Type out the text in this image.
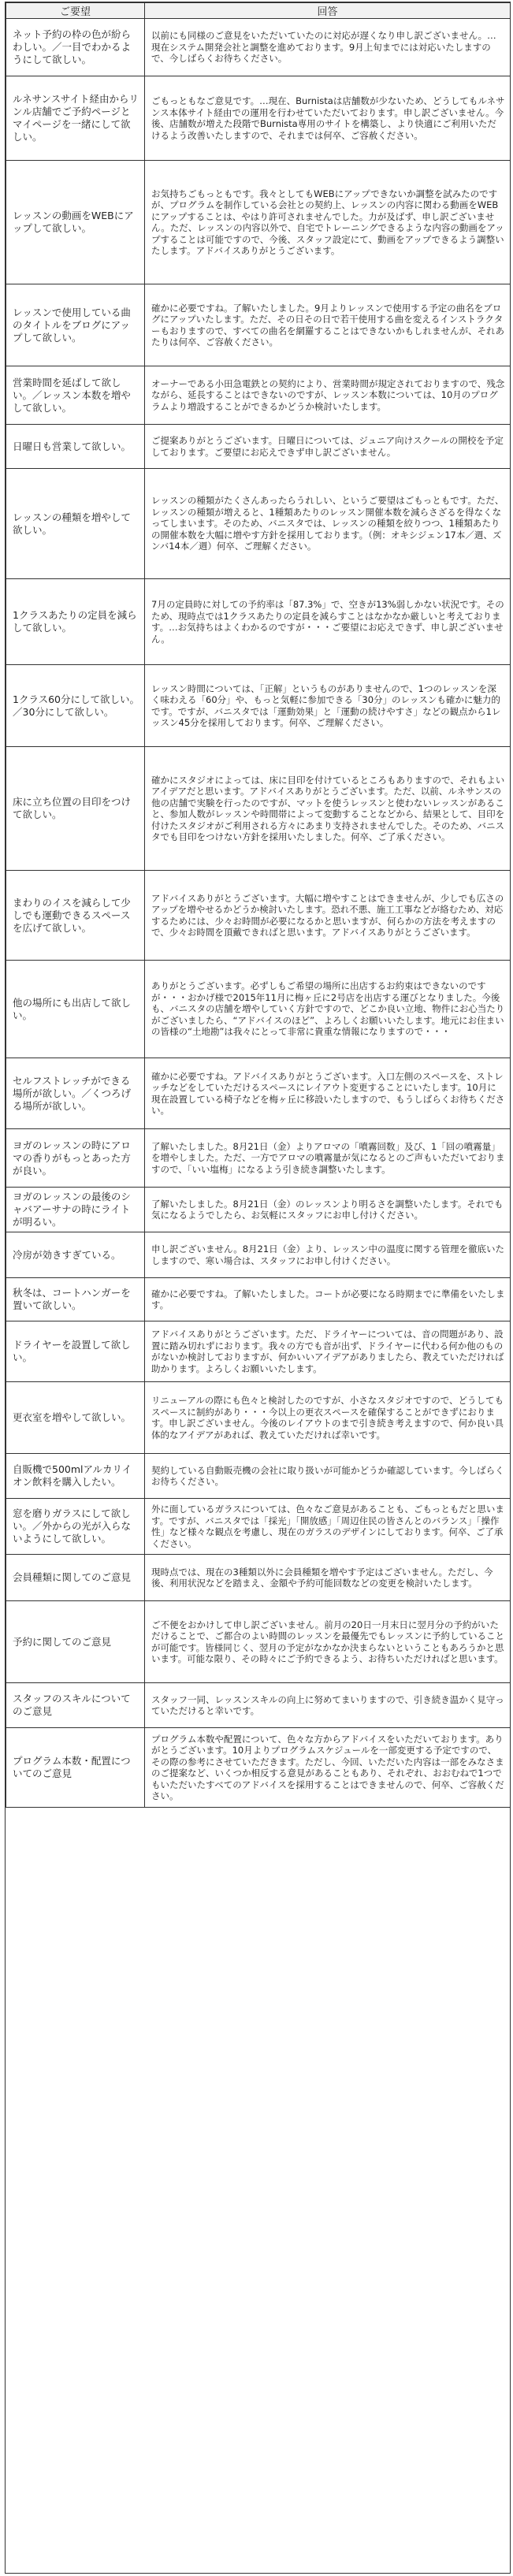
ご要望	回答
ネット予約の枠の色が紛らわしい。／一目でわかるようにして欲しい。	以前にも同様のご意見をいただいていたのに対応が遅くなり申し訳ございません。…現在システム開発会社と調整を進めております。9月上旬までには対応いたしますので、今しばらくお待ちください。
ルネサンスサイト経由からリンル店舗でご予約ページとマイページを一緒にして欲しい。	ごもっともなご意見です。…現在、Burnistaは店舗数が少ないため、どうしてもルネサンス本体サイト経由での運用を行わせていただいております。申し訳ございません。今後、店舗数が増えた段階でBurnista専用のサイトを構築し、より快適にご利用いただけるよう改善いたしますので、それまでは何卒、ご容赦ください。
レッスンの動画をWEBにアップして欲しい。	お気持ちごもっともです。我々としてもWEBにアップできないか調整を試みたのですが、プログラムを制作している会社との契約上、レッスンの内容に関わる動画をWEBにアップすることは、やはり許可されませんでした。力が及ばず、申し訳ございません。ただ、レッスンの内容以外で、自宅でトレーニングできるような内容の動画をアップすることは可能ですので、今後、スタッフ設定にて、動画をアップできるよう調整いたします。アドバイスありがとうございます。
レッスンで使用している曲のタイトルをブログにアップして欲しい。	確かに必要ですね。了解いたしました。9月よりレッスンで使用する予定の曲名をブログにアップいたします。ただ、その日その日で若干使用する曲を変えるインストラクターもおりますので、すべての曲名を網羅することはできないかもしれませんが、それあたりは何卒、ご容赦ください。
営業時間を延ばして欲しい。／レッスン本数を増やして欲しい。	オーナーである小田急電鉄との契約により、営業時間が規定されておりますので、残念ながら、延長することはできないのですが、レッスン本数については、10月のプログラムより増設することができるかどうか検討いたします。
日曜日も営業して欲しい。	ご提案ありがとうございます。日曜日については、ジュニア向けスクールの開校を予定しております。ご要望にお応えできず申し訳ございません。
レッスンの種類を増やして欲しい。	レッスンの種類がたくさんあったらうれしい、というご要望はごもっともです。ただ、レッスンの種類が増えると、1種類あたりのレッスン開催本数を減らさざるを得なくなってしまいます。そのため、バニスタでは、レッスンの種類を絞りつつ、1種類あたりの開催本数を大幅に増やす方針を採用しております。（例：オキシジェン17本／週、ズンバ14本／週）何卒、ご理解ください。
1クラスあたりの定員を減らして欲しい。	7月の定員時に対しての予約率は「87.3%」で、空きが13%弱しかない状況です。そのため、現時点では1クラスあたりの定員を減らすことはなかなか厳しいと考えております。…お気持ちはよくわかるのですが・・・ご要望にお応えできず、申し訳ございません。
1クラス60分にして欲しい。／30分にして欲しい。	レッスン時間については、「正解」というものがありませんので、1つのレッスンを深く味わえる「60分」や、もっと気軽に参加できる「30分」のレッスンも確かに魅力的です。ですが、バニスタでは「運動効果」と「運動の続けやすさ」などの観点から1レッスン45分を採用しております。何卒、ご理解ください。
床に立ち位置の目印をつけて欲しい。	確かにスタジオによっては、床に目印を付けているところもありますので、それもよいアイデアだと思います。アドバイスありがとうございます。ただ、以前、ルネサンスの他の店舗で実験を行ったのですが、マットを使うレッスンと使わないレッスンがあること、参加人数がレッスンや時間帯によって変動することなどから、結果として、目印を付けたスタジオがご利用される方々にあまり支持されませんでした。そのため、バニスタでも目印をつけない方針を採用いたしました。何卒、ご了承ください。
まわりのイスを減らして少しでも運動できるスペースを広げて欲しい。	アドバイスありがとうございます。大幅に増やすことはできませんが、少しでも広さのアップを増やせるかどうか検討いたします。恐れ不悪、施工工事などが絡むため、対応するためには、少々お時間が必要になるかと思いますが、何らかの方法を考えますので、少々お時間を頂戴できればと思います。アドバイスありがとうございます。
他の場所にも出店して欲しい。	ありがとうございます。必ずしもご希望の場所に出店するお約束はできないのですが・・・おかげ様で2015年11月に梅ヶ丘に2号店を出店する運びとなりました。今後も、バニスタの店舗を増やしていく方針ですので、どこか良い立地、物件にお心当たりがございましたら、“アドバイスのほど”、よろしくお願いいたします。地元にお住まいの皆様の“土地勘”は我々にとって非常に貴重な情報になりますので・・・
セルフストレッチができる場所が欲しい。／くつろげる場所が欲しい。	確かに必要ですね。アドバイスありがとうございます。入口左側のスペースを、ストレッチなどをしていただけるスペースにレイアウト変更することにいたします。10月に現在設置している椅子などを梅ヶ丘に移設いたしますので、もうしばらくお待ちください。
ヨガのレッスンの時にアロマの香りがもっとあった方が良い。	了解いたしました。8月21日（金）よりアロマの「噴霧回数」及び、1「回の噴霧量」を増やしました。ただ、一方でアロマの噴霧量が気になるとのご声もいただいておりますので、「いい塩梅」になるよう引き続き調整いたします。
ヨガのレッスンの最後のシャバアーサナの時にライトが明るい。	了解いたしました。8月21日（金）のレッスンより明るさを調整いたします。それでも気になるようでしたら、お気軽にスタッフにお申し付けください。
冷房が効きすぎている。	申し訳ございません。8月21日（金）より、レッスン中の温度に関する管理を徹底いたしますので、寒い場合は、スタッフにお申し付けください。
秋冬は、コートハンガーを置いて欲しい。	確かに必要ですね。了解いたしました。コートが必要になる時期までに準備をいたします。
ドライヤーを設置して欲しい。	アドバイスありがとうございます。ただ、ドライヤーについては、音の問題があり、設置に踏み切れずにおります。我々の方でも音が出ず、ドライヤーに代わる何か他のものがないか検討しておりますが、何かいいアイデアがありましたら、教えていただければ助かります。よろしくお願いいたします。
更衣室を増やして欲しい。	リニューアルの際にも色々と検討したのですが、小さなスタジオですので、どうしてもスペースに制約があり・・・今以上の更衣スペースを確保することができずにおります。申し訳ございません。今後のレイアウトのまで引き続き考えますので、何か良い具体的なアイデアがあれば、教えていただければ幸いです。
自販機で500mlアルカリイオン飲料を購入したい。	契約している自動販売機の会社に取り扱いが可能かどうか確認しています。今しばらくお待ちください。
窓を磨りガラスにして欲しい。／外からの光が入らないようにして欲しい。	外に面しているガラスについては、色々なご意見があることも、ごもっともだと思います。ですが、バニスタでは「採光」「開放感」「周辺住民の皆さんとのバランス」「操作性」など様々な観点を考慮し、現在のガラスのデザインにしております。何卒、ご了承ください。
会員種類に関してのご意見	現時点では、現在の3種類以外に会員種類を増やす予定はございません。ただし、今後、利用状況などを踏まえ、金額や予約可能回数などの変更を検討いたします。
予約に関してのご意見	ご不便をおかけして申し訳ございません。前月の20日一月末日に翌月分の予約がいただけることで、ご都合のよい時間のレッスンを最優先でもレッスンに予約していることが可能です。皆様同じく、翌月の予定がなかなか決まらないということもあろうかと思います。可能な限り、その時々にご予約できるよう、お待ちいただければと思います。
スタッフのスキルについてのご意見	スタッフ一同、レッスンスキルの向上に努めてまいりますので、引き続き温かく見守っていただけると幸いです。
プログラム本数・配置についてのご意見	プログラム本数や配置について、色々な方からアドバイスをいただいております。ありがとうございます。10月よりプログラムスケジュールを一部変更する予定ですので、その際の参考にさせていただきます。ただし、今回、いただいた内容は一部をみなさまのご提案など、いくつか相反する意見があることもあり、それぞれ、おおむねで1つでもいただいたすべてのアドバイスを採用することはできませんので、何卒、ご容赦ください。
